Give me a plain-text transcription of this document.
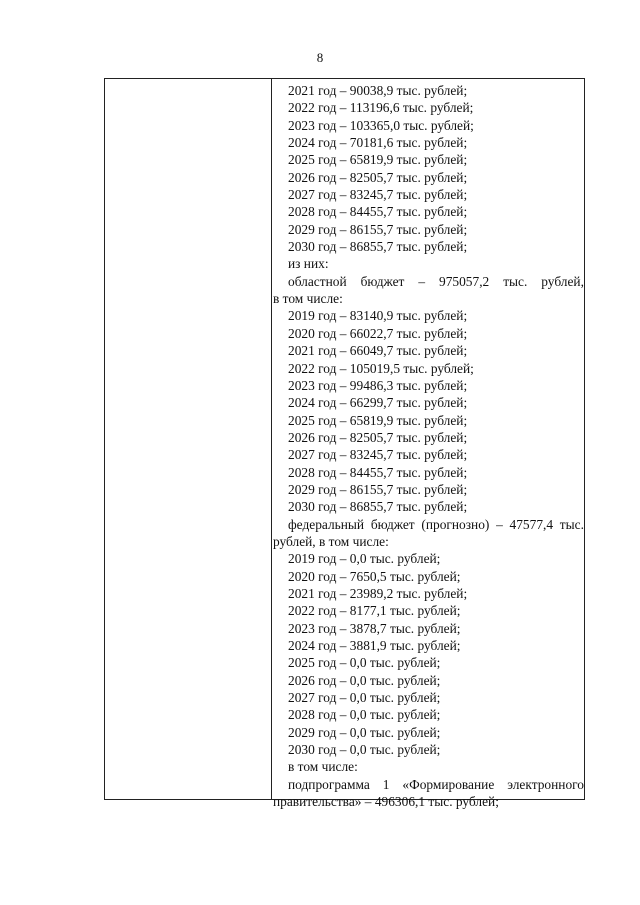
8
2021 год – 90038,9 тыс. рублей;
2022 год – 113196,6 тыс. рублей;
2023 год – 103365,0 тыс. рублей;
2024 год – 70181,6 тыс. рублей;
2025 год – 65819,9 тыс. рублей;
2026 год – 82505,7 тыс. рублей;
2027 год – 83245,7 тыс. рублей;
2028 год – 84455,7 тыс. рублей;
2029 год – 86155,7 тыс. рублей;
2030 год – 86855,7 тыс. рублей;
из них:
областной бюджет – 975057,2 тыс. рублей,
в том числе:
2019 год – 83140,9 тыс. рублей;
2020 год – 66022,7 тыс. рублей;
2021 год – 66049,7 тыс. рублей;
2022 год – 105019,5 тыс. рублей;
2023 год – 99486,3 тыс. рублей;
2024 год – 66299,7 тыс. рублей;
2025 год – 65819,9 тыс. рублей;
2026 год – 82505,7 тыс. рублей;
2027 год – 83245,7 тыс. рублей;
2028 год – 84455,7 тыс. рублей;
2029 год – 86155,7 тыс. рублей;
2030 год – 86855,7 тыс. рублей;
федеральный бюджет (прогнозно) – 47577,4 тыс.
рублей, в том числе:
2019 год – 0,0 тыс. рублей;
2020 год – 7650,5 тыс. рублей;
2021 год – 23989,2 тыс. рублей;
2022 год – 8177,1 тыс. рублей;
2023 год – 3878,7 тыс. рублей;
2024 год – 3881,9 тыс. рублей;
2025 год – 0,0 тыс. рублей;
2026 год – 0,0 тыс. рублей;
2027 год – 0,0 тыс. рублей;
2028 год – 0,0 тыс. рублей;
2029 год – 0,0 тыс. рублей;
2030 год – 0,0 тыс. рублей;
в том числе:
подпрограмма 1 «Формирование электронного
правительства» – 496306,1 тыс. рублей;
